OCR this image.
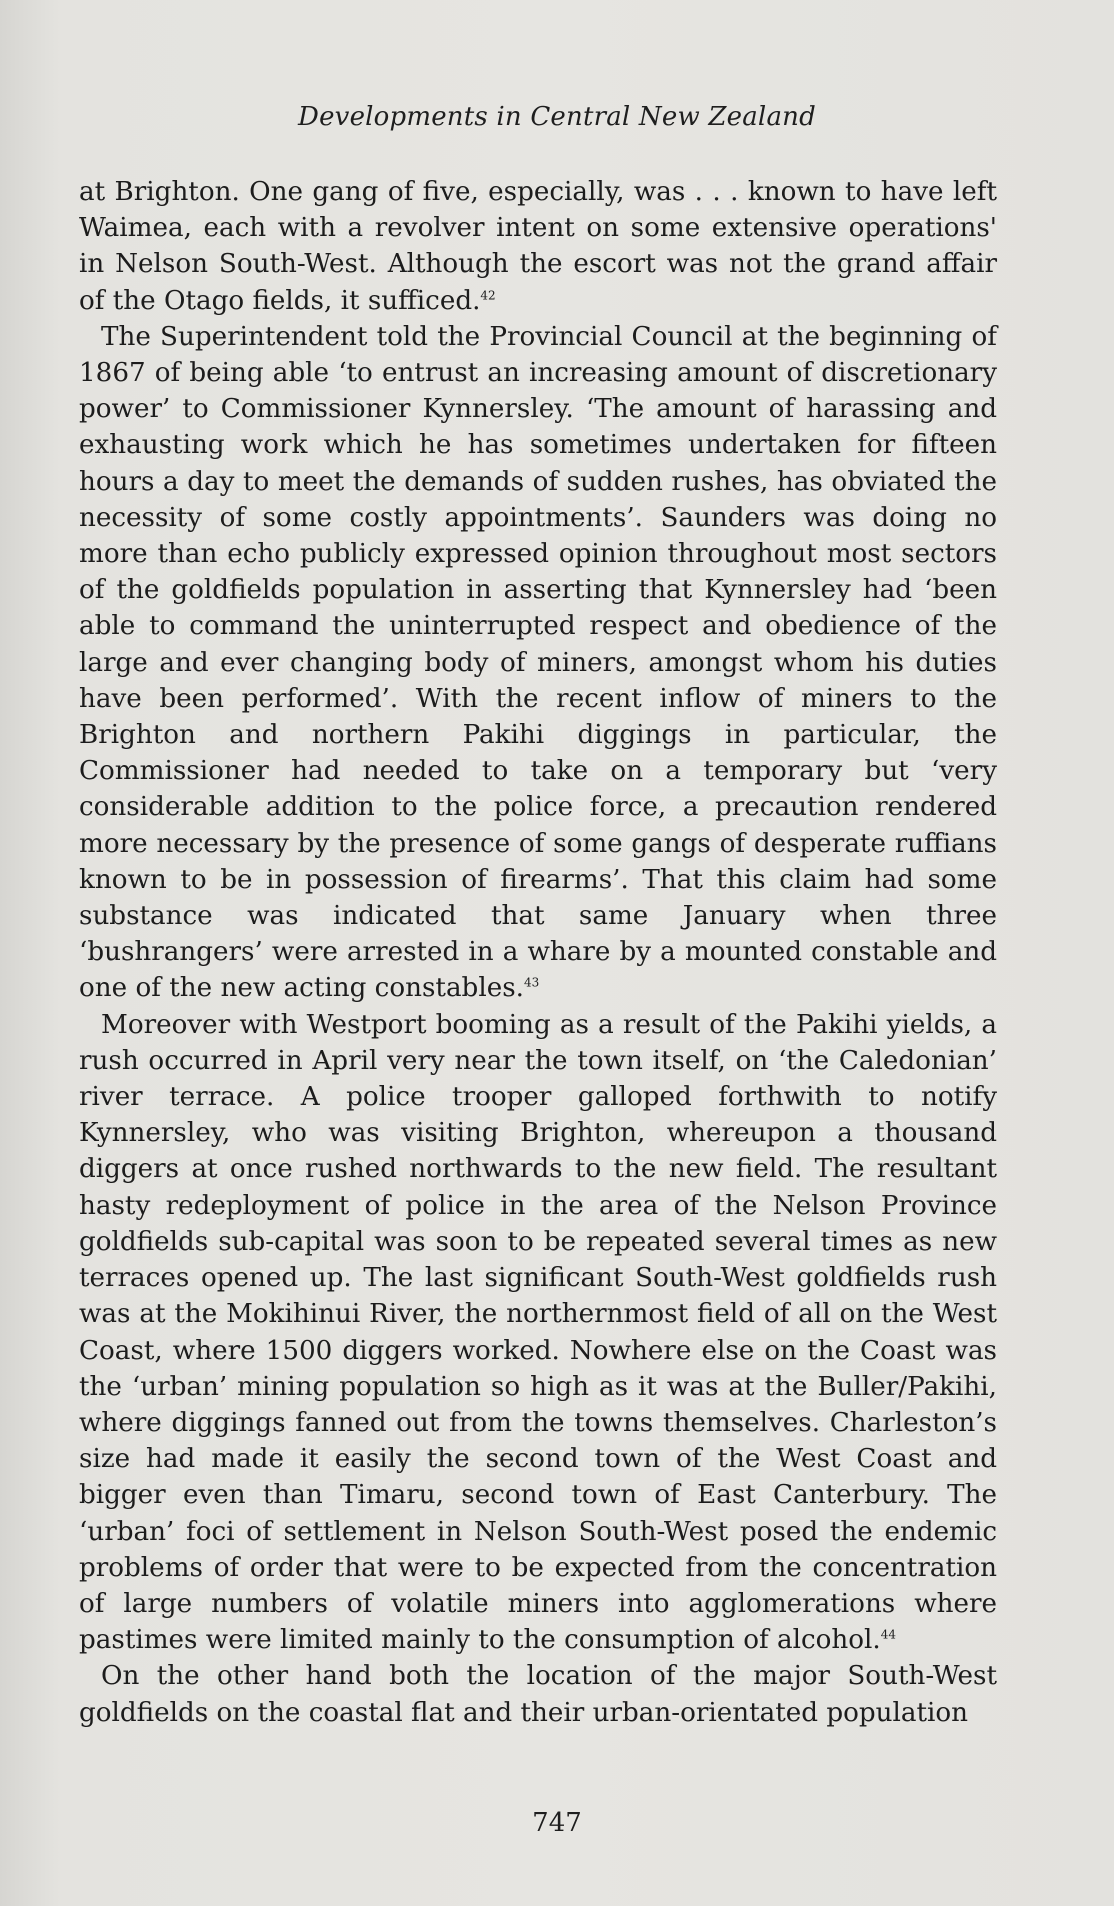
Developments in Central New Zealand

at Brighton. One gang of five, especially, was . . . known to have left Waimea, each with a revolver intent on some extensive operations' in Nelson South-West. Although the escort was not the grand affair of the Otago fields, it sufficed.$^{42}$

The Superintendent told the Provincial Council at the beginning of 1867 of being able ‘to entrust an increasing amount of discretionary power’ to Commissioner Kynnersley. ‘The amount of harassing and exhausting work which he has sometimes undertaken for fifteen hours a day to meet the demands of sudden rushes, has obviated the necessity of some costly appointments’. Saunders was doing no more than echo publicly expressed opinion throughout most sectors of the goldfields population in asserting that Kynnersley had ‘been able to command the uninterrupted respect and obedience of the large and ever changing body of miners, amongst whom his duties have been performed’. With the recent inflow of miners to the Brighton and northern Pakihi diggings in particular, the Commissioner had needed to take on a temporary but ‘very considerable addition to the police force, a precaution rendered more necessary by the presence of some gangs of desperate ruffians known to be in possession of firearms’. That this claim had some substance was indicated that same January when three ‘bushrangers’ were arrested in a whare by a mounted constable and one of the new acting constables.$^{43}$

Moreover with Westport booming as a result of the Pakihi yields, a rush occurred in April very near the town itself, on ‘the Caledonian’ river terrace. A police trooper galloped forthwith to notify Kynnersley, who was visiting Brighton, whereupon a thousand diggers at once rushed northwards to the new field. The resultant hasty redeployment of police in the area of the Nelson Province goldfields sub-capital was soon to be repeated several times as new terraces opened up. The last significant South-West goldfields rush was at the Mokihinui River, the northernmost field of all on the West Coast, where 1500 diggers worked. Nowhere else on the Coast was the ‘urban’ mining population so high as it was at the Buller/Pakihi, where diggings fanned out from the towns themselves. Charleston’s size had made it easily the second town of the West Coast and bigger even than Timaru, second town of East Canterbury. The ‘urban’ foci of settlement in Nelson South-West posed the endemic problems of order that were to be expected from the concentration of large numbers of volatile miners into agglomerations where pastimes were limited mainly to the consumption of alcohol.$^{44}$

On the other hand both the location of the major South-West goldfields on the coastal flat and their urban-orientated population

747
